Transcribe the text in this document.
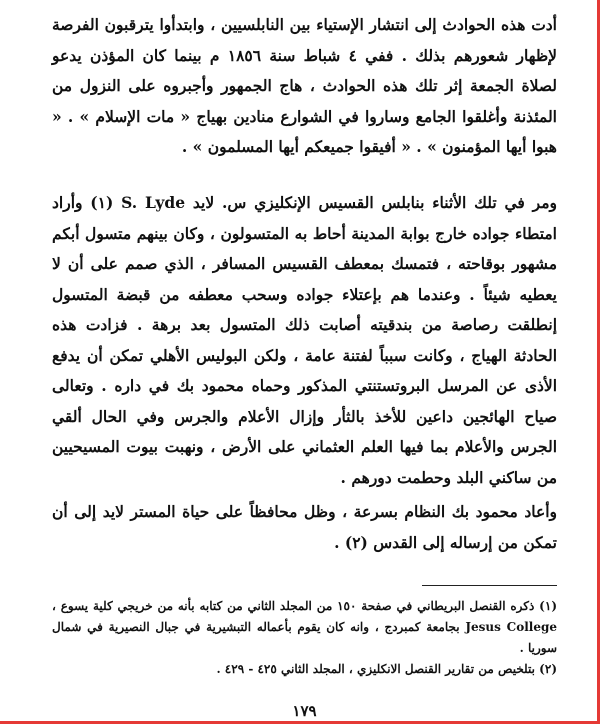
أدت هذه الحوادث إلى انتشار الإستياء بين النابلسيين ، وابتدأوا يترقبون الفرصة لإظهار شعورهم بذلك . ففي ٤ شباط سنة ١٨٥٦ م بينما كان المؤذن يدعو لصلاة الجمعة إثر تلك هذه الحوادث ، هاج الجمهور وأجبروه على النزول من المئذنة وأغلقوا الجامع وساروا في الشوارع منادين بهياج « مات الإسلام » . « هبوا أيها المؤمنون » . « أفيقوا جميعكم أيها المسلمون » .

ومر في تلك الأثناء بنابلس القسيس الإنكليزي س. لايد S. Lyde (١) وأراد امتطاء جواده خارج بوابة المدينة أحاط به المتسولون ، وكان بينهم متسول أبكم مشهور بوقاحته ، فتمسك بمعطف القسيس المسافر ، الذي صمم على أن لا يعطيه شيئاً . وعندما هم بإعتلاء جواده وسحب معطفه من قبضة المتسول إنطلقت رصاصة من بندقيته أصابت ذلك المتسول بعد برهة . فزادت هذه الحادثة الهياج ، وكانت سبباً لفتنة عامة ، ولكن البوليس الأهلي تمكن أن يدفع الأذى عن المرسل البروتستنتي المذكور وحماه محمود بك في داره . وتعالى صياح الهائجين داعين للأخذ بالثأر وإزال الأعلام والجرس وفي الحال ألقي الجرس والأعلام بما فيها العلم العثماني على الأرض ، ونهبت بيوت المسيحيين من ساكني البلد وحطمت دورهم .

وأعاد محمود بك النظام بسرعة ، وظل محافظاً على حياة المستر لايد إلى أن تمكن من إرساله إلى القدس (٢) .

(١) ذكره القنصل البريطاني في صفحة ١٥٠ من المجلد الثاني من كتابه بأنه من خريجي كلية يسوع ، Jesus College بجامعة كمبردج ، وانه كان يقوم بأعماله التبشيرية في جبال النصيرية في شمال سوريا .

(٢) بتلخيص من تقارير القنصل الانكليزي ، المجلد الثاني ٤٢٥ - ٤٢٩ .

١٧٩
